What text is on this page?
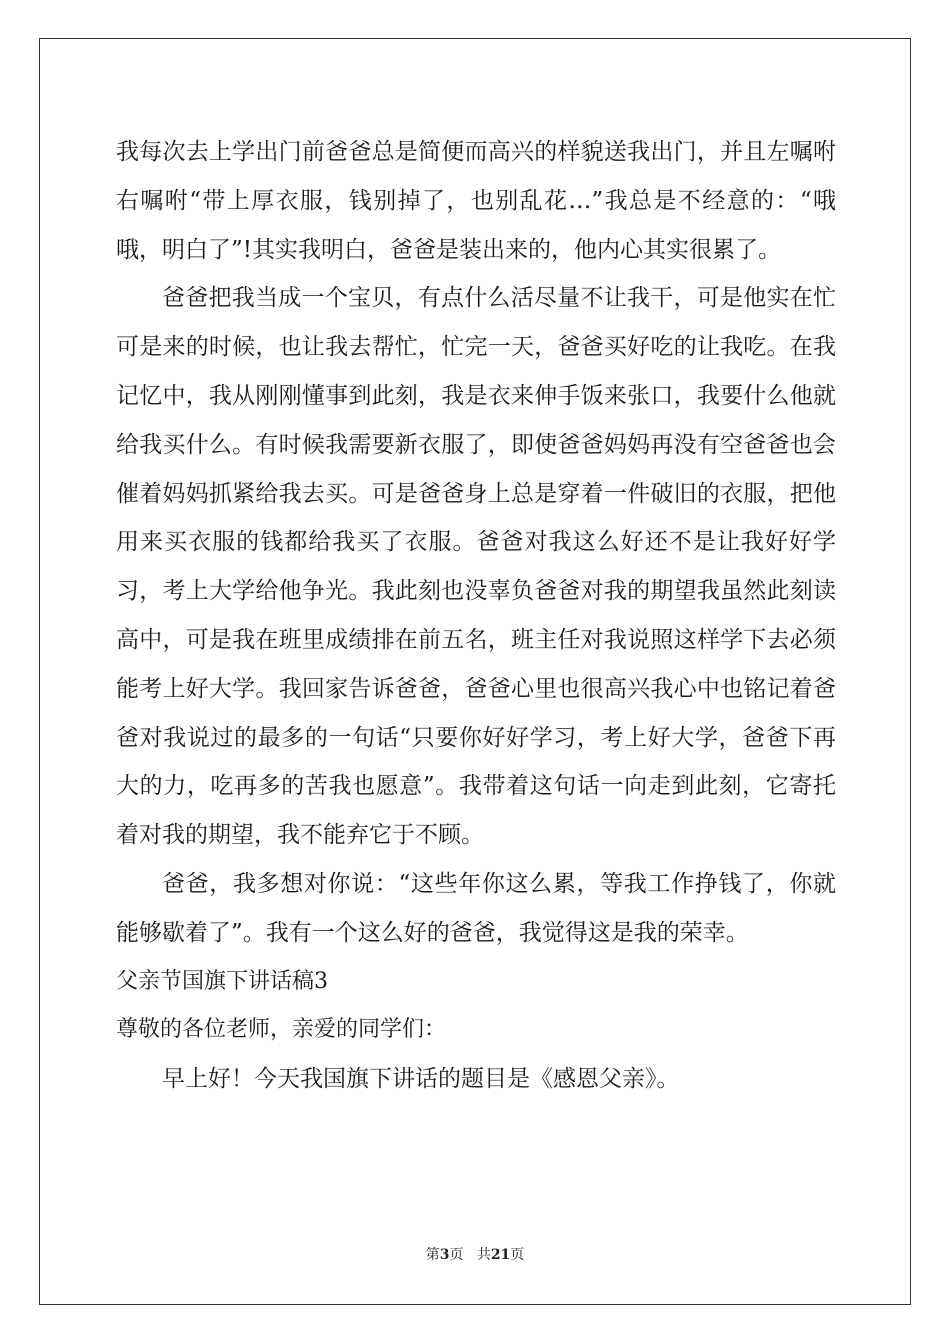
我每次去上学出门前爸爸总是简便而高兴的样貌送我出门，并且左嘱咐右嘱咐“带上厚衣服，钱别掉了，也别乱花…”我总是不经意的：“哦哦，明白了”!其实我明白，爸爸是装出来的，他内心其实很累了。

爸爸把我当成一个宝贝，有点什么活尽量不让我干，可是他实在忙可是来的时候，也让我去帮忙，忙完一天，爸爸买好吃的让我吃。在我记忆中，我从刚刚懂事到此刻，我是衣来伸手饭来张口，我要什么他就给我买什么。有时候我需要新衣服了，即使爸爸妈妈再没有空爸爸也会催着妈妈抓紧给我去买。可是爸爸身上总是穿着一件破旧的衣服，把他用来买衣服的钱都给我买了衣服。爸爸对我这么好还不是让我好好学习，考上大学给他争光。我此刻也没辜负爸爸对我的期望我虽然此刻读高中，可是我在班里成绩排在前五名，班主任对我说照这样学下去必须能考上好大学。我回家告诉爸爸，爸爸心里也很高兴我心中也铭记着爸爸对我说过的最多的一句话“只要你好好学习，考上好大学，爸爸下再大的力，吃再多的苦我也愿意”。我带着这句话一向走到此刻，它寄托着对我的期望，我不能弃它于不顾。

爸爸，我多想对你说：“这些年你这么累，等我工作挣钱了，你就能够歇着了”。我有一个这么好的爸爸，我觉得这是我的荣幸。

父亲节国旗下讲话稿3

尊敬的各位老师，亲爱的同学们：

早上好！今天我国旗下讲话的题目是《感恩父亲》。

第3页 共21页
